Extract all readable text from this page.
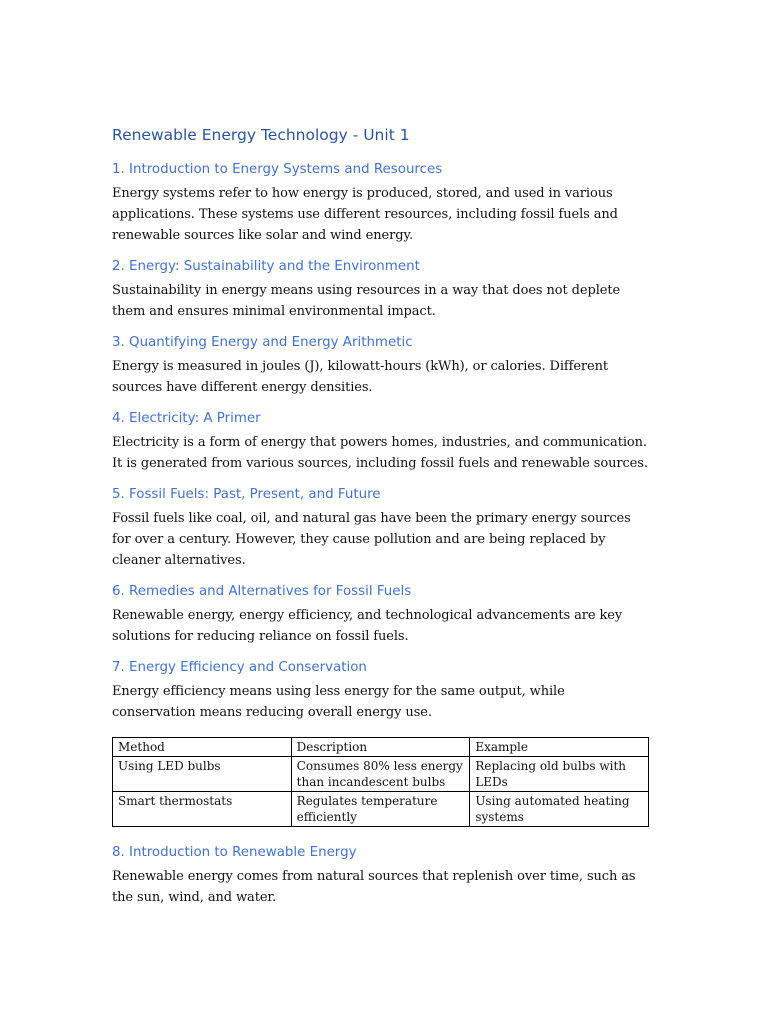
Renewable Energy Technology - Unit 1
1. Introduction to Energy Systems and Resources

Energy systems refer to how energy is produced, stored, and used in various applications. These systems use different resources, including fossil fuels and renewable sources like solar and wind energy.

2. Energy: Sustainability and the Environment

Sustainability in energy means using resources in a way that does not deplete them and ensures minimal environmental impact.

3. Quantifying Energy and Energy Arithmetic

Energy is measured in joules (J), kilowatt-hours (kWh), or calories. Different sources have different energy densities.

4. Electricity: A Primer

Electricity is a form of energy that powers homes, industries, and communication. It is generated from various sources, including fossil fuels and renewable sources.

5. Fossil Fuels: Past, Present, and Future

Fossil fuels like coal, oil, and natural gas have been the primary energy sources for over a century. However, they cause pollution and are being replaced by cleaner alternatives.

6. Remedies and Alternatives for Fossil Fuels

Renewable energy, energy efficiency, and technological advancements are key solutions for reducing reliance on fossil fuels.

7. Energy Efficiency and Conservation

Energy efficiency means using less energy for the same output, while conservation means reducing overall energy use.

Method	Description	Example
Using LED bulbs	Consumes 80% less energy than incandescent bulbs	Replacing old bulbs with LEDs
Smart thermostats	Regulates temperature efficiently	Using automated heating systems
8. Introduction to Renewable Energy

Renewable energy comes from natural sources that replenish over time, such as the sun, wind, and water.
